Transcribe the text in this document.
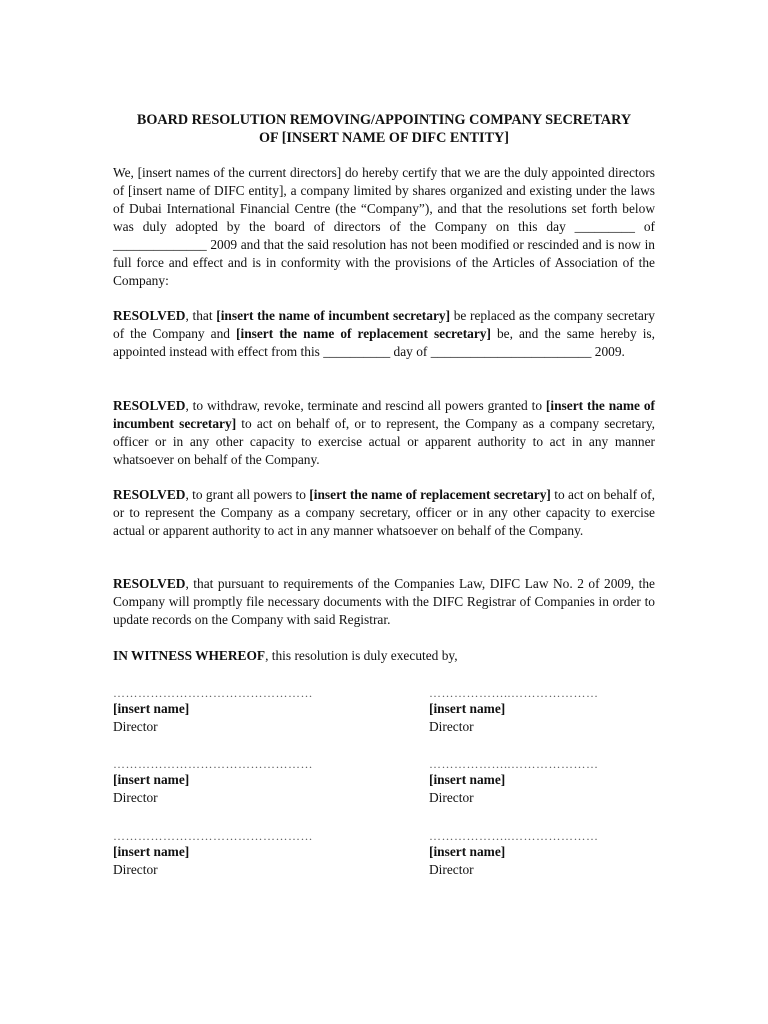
BOARD RESOLUTION REMOVING/APPOINTING COMPANY SECRETARY
OF [INSERT NAME OF DIFC ENTITY]

We, [insert names of the current directors] do hereby certify that we are the duly appointed directors of [insert name of DIFC entity], a company limited by shares organized and existing under the laws of Dubai International Financial Centre (the “Company”), and that the resolutions set forth below was duly adopted by the board of directors of the Company on this day _________ of ______________ 2009 and that the said resolution has not been modified or rescinded and is now in full force and effect and is in conformity with the provisions of the Articles of Association of the Company:

RESOLVED, that [insert the name of incumbent secretary] be replaced as the company secretary of the Company and [insert the name of replacement secretary] be, and the same hereby is, appointed instead with effect from this __________ day of ________________________ 2009.

RESOLVED, to withdraw, revoke, terminate and rescind all powers granted to [insert the name of incumbent secretary] to act on behalf of, or to represent, the Company as a company secretary, officer or in any other capacity to exercise actual or apparent authority to act in any manner whatsoever on behalf of the Company.

RESOLVED, to grant all powers to [insert the name of replacement secretary] to act on behalf of, or to represent the Company as a company secretary, officer or in any other capacity to exercise actual or apparent authority to act in any manner whatsoever on behalf of the Company.

RESOLVED, that pursuant to requirements of the Companies Law, DIFC Law No. 2 of 2009, the Company will promptly file necessary documents with the DIFC Registrar of Companies in order to update records on the Company with said Registrar.

IN WITNESS WHEREOF, this resolution is duly executed by,

…………………………………………
[insert name]
Director
………………..…………………
[insert name]
Director
…………………………………………
[insert name]
Director
………………..…………………
[insert name]
Director
…………………………………………
[insert name]
Director
………………..…………………
[insert name]
Director
